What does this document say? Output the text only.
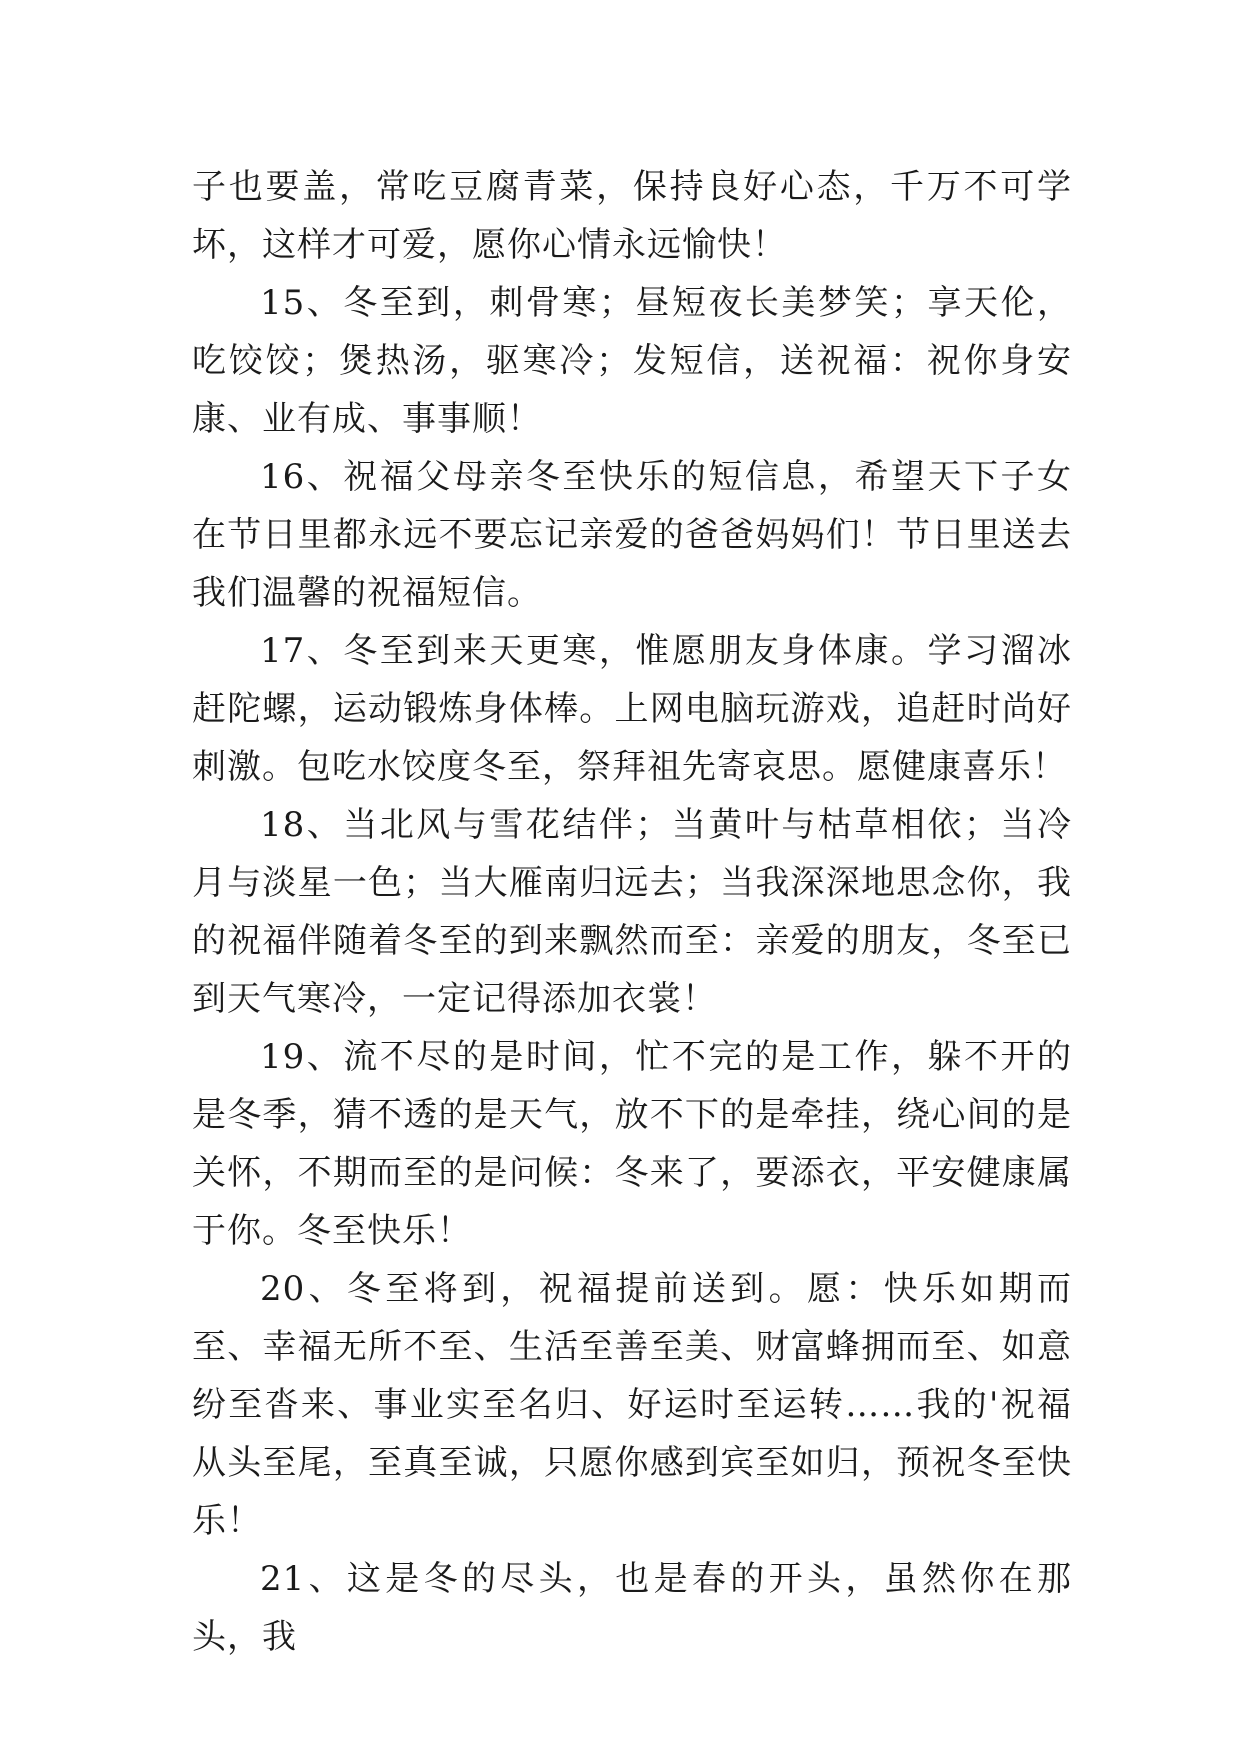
子也要盖，常吃豆腐青菜，保持良好心态，千万不可学坏，这样才可爱，愿你心情永远愉快！

15、冬至到，刺骨寒；昼短夜长美梦笑；享天伦，吃饺饺；煲热汤，驱寒冷；发短信，送祝福：祝你身安康、业有成、事事顺！

16、祝福父母亲冬至快乐的短信息，希望天下子女在节日里都永远不要忘记亲爱的爸爸妈妈们！节日里送去我们温馨的祝福短信。

17、冬至到来天更寒，惟愿朋友身体康。学习溜冰赶陀螺，运动锻炼身体棒。上网电脑玩游戏，追赶时尚好刺激。包吃水饺度冬至，祭拜祖先寄哀思。愿健康喜乐！

18、当北风与雪花结伴；当黄叶与枯草相依；当冷月与淡星一色；当大雁南归远去；当我深深地思念你，我的祝福伴随着冬至的到来飘然而至：亲爱的朋友，冬至已到天气寒冷，一定记得添加衣裳！

19、流不尽的是时间，忙不完的是工作，躲不开的是冬季，猜不透的是天气，放不下的是牵挂，绕心间的是关怀，不期而至的是问候：冬来了，要添衣，平安健康属于你。冬至快乐！

20、冬至将到，祝福提前送到。愿：快乐如期而至、幸福无所不至、生活至善至美、财富蜂拥而至、如意纷至沓来、事业实至名归、好运时至运转……我的'祝福从头至尾，至真至诚，只愿你感到宾至如归，预祝冬至快乐！

21、这是冬的尽头，也是春的开头，虽然你在那头，我
